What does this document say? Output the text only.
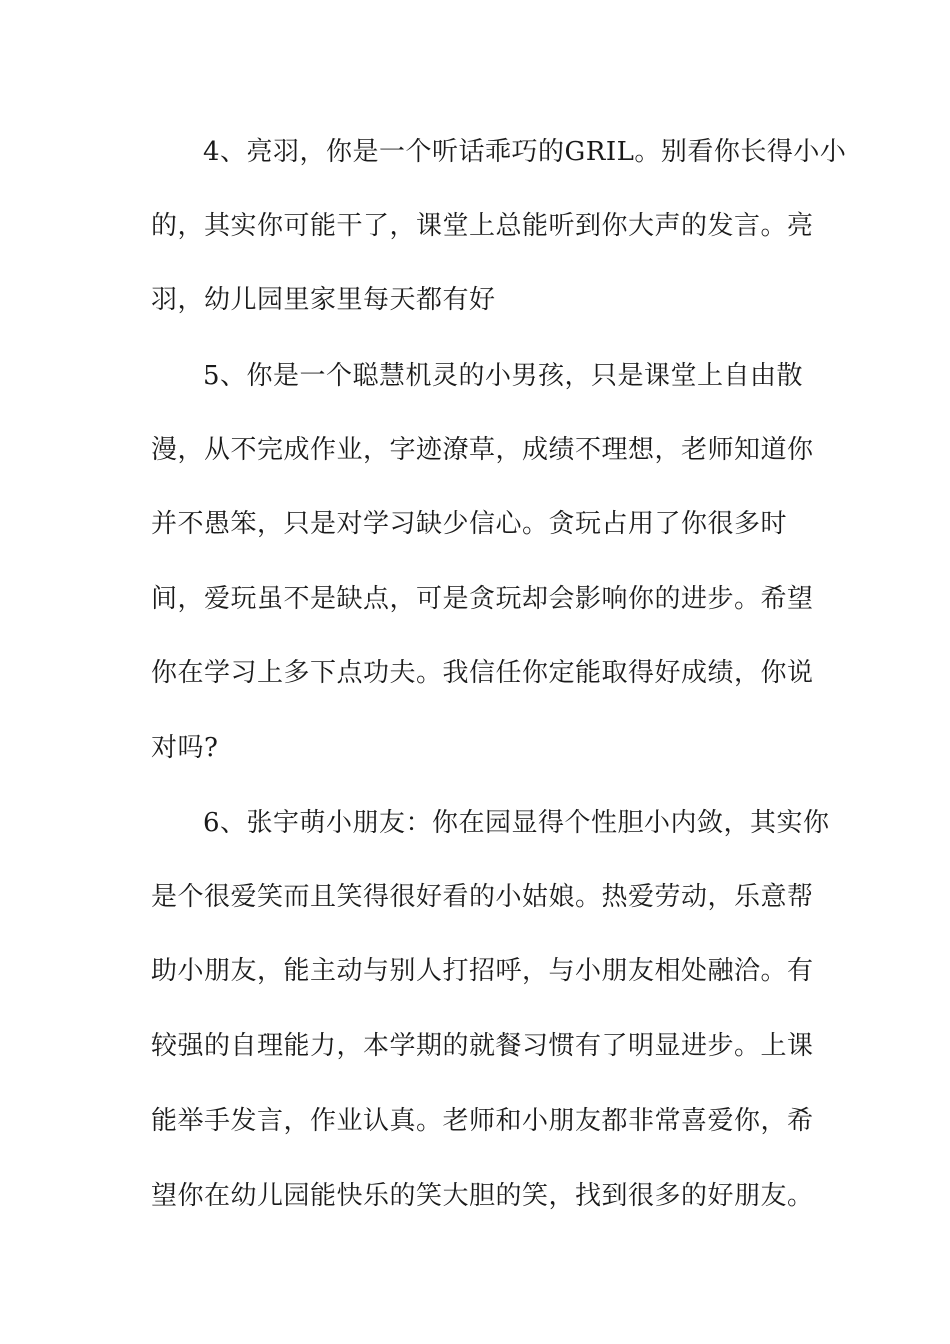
4、亮羽，你是一个听话乖巧的GRIL。别看你长得小小
的，其实你可能干了，课堂上总能听到你大声的发言。亮
羽，幼儿园里家里每天都有好
5、你是一个聪慧机灵的小男孩，只是课堂上自由散
漫，从不完成作业，字迹潦草，成绩不理想，老师知道你
并不愚笨，只是对学习缺少信心。贪玩占用了你很多时
间，爱玩虽不是缺点，可是贪玩却会影响你的进步。希望
你在学习上多下点功夫。我信任你定能取得好成绩，你说
对吗?
6、张宇萌小朋友：你在园显得个性胆小内敛，其实你
是个很爱笑而且笑得很好看的小姑娘。热爱劳动，乐意帮
助小朋友，能主动与别人打招呼，与小朋友相处融洽。有
较强的自理能力，本学期的就餐习惯有了明显进步。上课
能举手发言，作业认真。老师和小朋友都非常喜爱你，希
望你在幼儿园能快乐的笑大胆的笑，找到很多的好朋友。
